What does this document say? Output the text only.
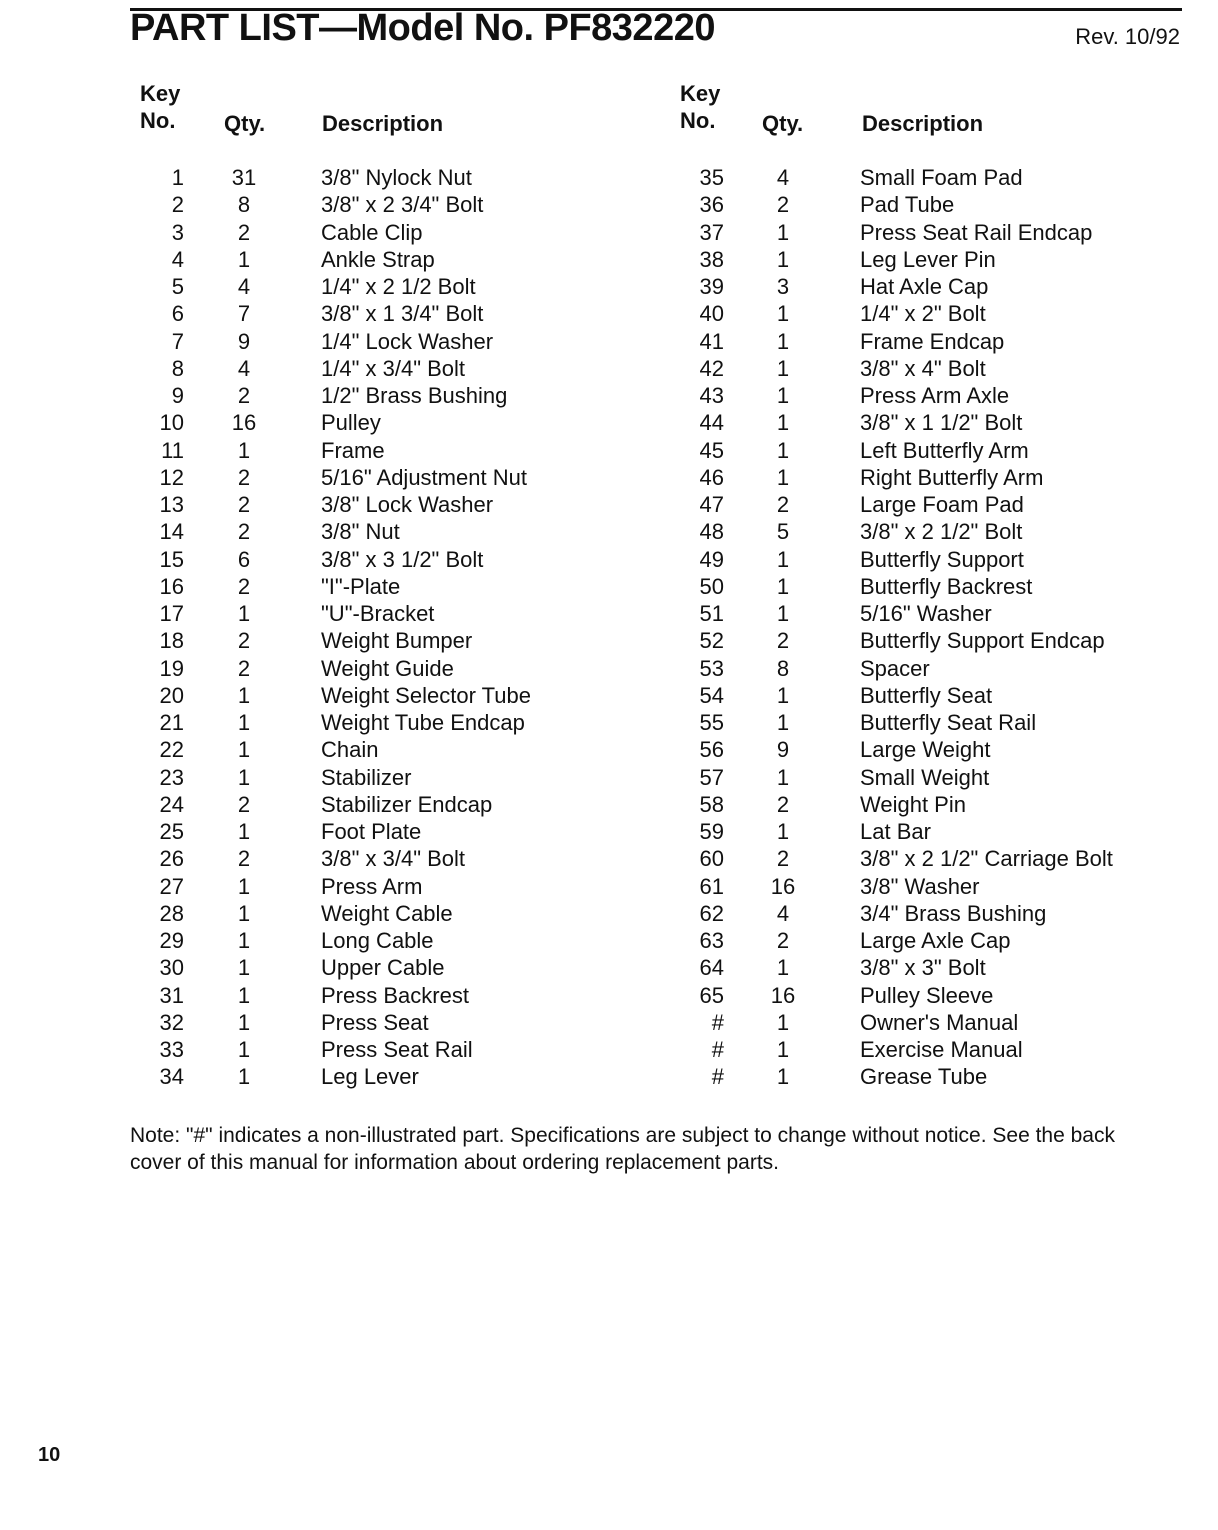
PART LIST—Model No. PF832220	Rev. 10/92
Key
No.	Qty.	Description
1	31	3/8" Nylock Nut
2	8	3/8" x 2 3/4" Bolt
3	2	Cable Clip
4	1	Ankle Strap
5	4	1/4" x 2 1/2 Bolt
6	7	3/8" x 1 3/4" Bolt
7	9	1/4" Lock Washer
8	4	1/4" x 3/4" Bolt
9	2	1/2" Brass Bushing
10	16	Pulley
11	1	Frame
12	2	5/16" Adjustment Nut
13	2	3/8" Lock Washer
14	2	3/8" Nut
15	6	3/8" x 3 1/2" Bolt
16	2	"I"-Plate
17	1	"U"-Bracket
18	2	Weight Bumper
19	2	Weight Guide
20	1	Weight Selector Tube
21	1	Weight Tube Endcap
22	1	Chain
23	1	Stabilizer
24	2	Stabilizer Endcap
25	1	Foot Plate
26	2	3/8" x 3/4" Bolt
27	1	Press Arm
28	1	Weight Cable
29	1	Long Cable
30	1	Upper Cable
31	1	Press Backrest
32	1	Press Seat
33	1	Press Seat Rail
34	1	Leg Lever
Key
No.	Qty.	Description
35	4	Small Foam Pad
36	2	Pad Tube
37	1	Press Seat Rail Endcap
38	1	Leg Lever Pin
39	3	Hat Axle Cap
40	1	1/4" x 2" Bolt
41	1	Frame Endcap
42	1	3/8" x 4" Bolt
43	1	Press Arm Axle
44	1	3/8" x 1 1/2" Bolt
45	1	Left Butterfly Arm
46	1	Right Butterfly Arm
47	2	Large Foam Pad
48	5	3/8" x 2 1/2" Bolt
49	1	Butterfly Support
50	1	Butterfly Backrest
51	1	5/16" Washer
52	2	Butterfly Support Endcap
53	8	Spacer
54	1	Butterfly Seat
55	1	Butterfly Seat Rail
56	9	Large Weight
57	1	Small Weight
58	2	Weight Pin
59	1	Lat Bar
60	2	3/8" x 2 1/2" Carriage Bolt
61	16	3/8" Washer
62	4	3/4" Brass Bushing
63	2	Large Axle Cap
64	1	3/8" x 3" Bolt
65	16	Pulley Sleeve
#	1	Owner's Manual
#	1	Exercise Manual
#	1	Grease Tube
Note: "#" indicates a non-illustrated part. Specifications are subject to change without notice. See the back cover of this manual for information about ordering replacement parts.
10
